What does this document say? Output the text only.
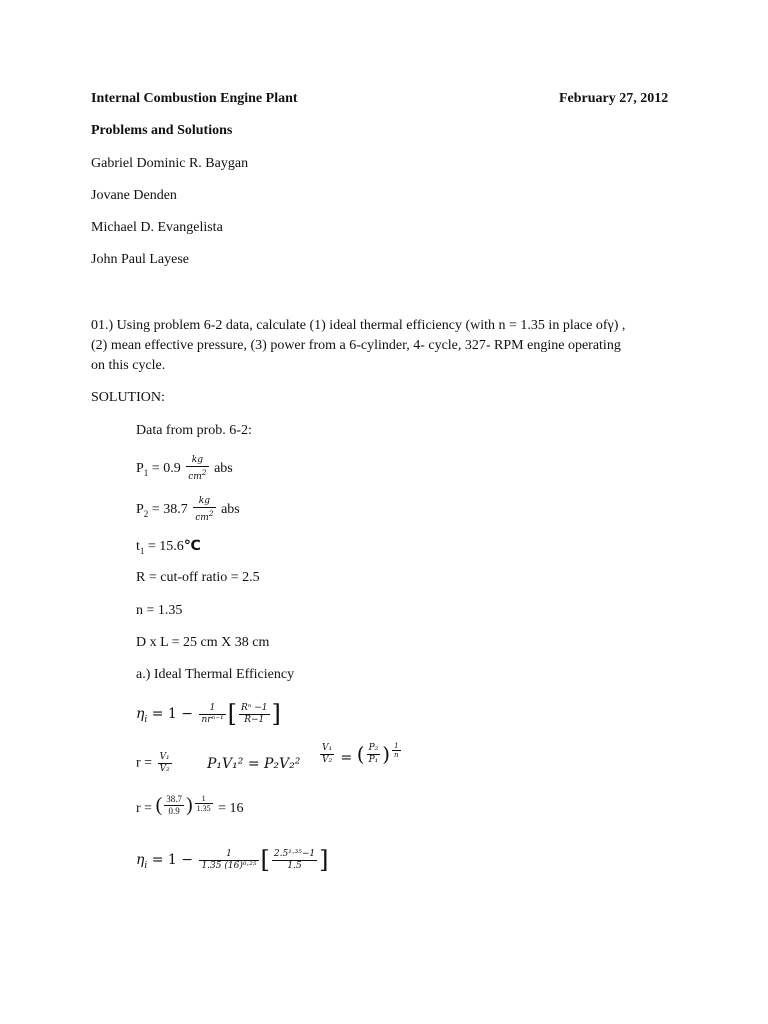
Internal Combustion Engine Plant	February 27, 2012
Problems and Solutions
Gabriel Dominic R. Baygan
Jovane Denden
Michael D. Evangelista
John Paul Layese
01.) Using problem 6-2 data, calculate (1) ideal thermal efficiency (with n = 1.35 in place ofγ) ,
(2) mean effective pressure, (3) power from a 6-cylinder, 4- cycle, 327- RPM engine operating
on this cycle.
SOLUTION:
Data from prob. 6-2:
$P_1 = 0.9 \frac{kg}{cm^2}$ abs
$P_2 = 38.7 \frac{kg}{cm^2}$ abs
$t_1$ = 15.6℃
R = cut-off ratio = 2.5
n = 1.35
D x L = 25 cm X 38 cm
a.) Ideal Thermal Efficiency
$\eta_i = 1 - \frac{1}{\text{nrⁿ⁻¹}}$ [ $\frac{\text{Rⁿ −1}}{R-1}$ ]
$r = \frac{\text{V₁}}{\text{V₂}}$	$P_1V_1^2 = P_2V_2^2 \frac{\text{V₁}}{\text{V₂}}$ = ( $\frac{\text{P₂}}{\text{P₁}}$ ) $\frac{1}{n}$
r = ( $\frac{38.7}{0.9}$ ) $\frac{1}{1.35} = 16$
$\eta_i = 1 - \frac{1}{\text{1.35 (16)⁰·²⁵}}$ [ $\frac{\text{2.5¹·³⁵−1}}{1.5}$ ]
